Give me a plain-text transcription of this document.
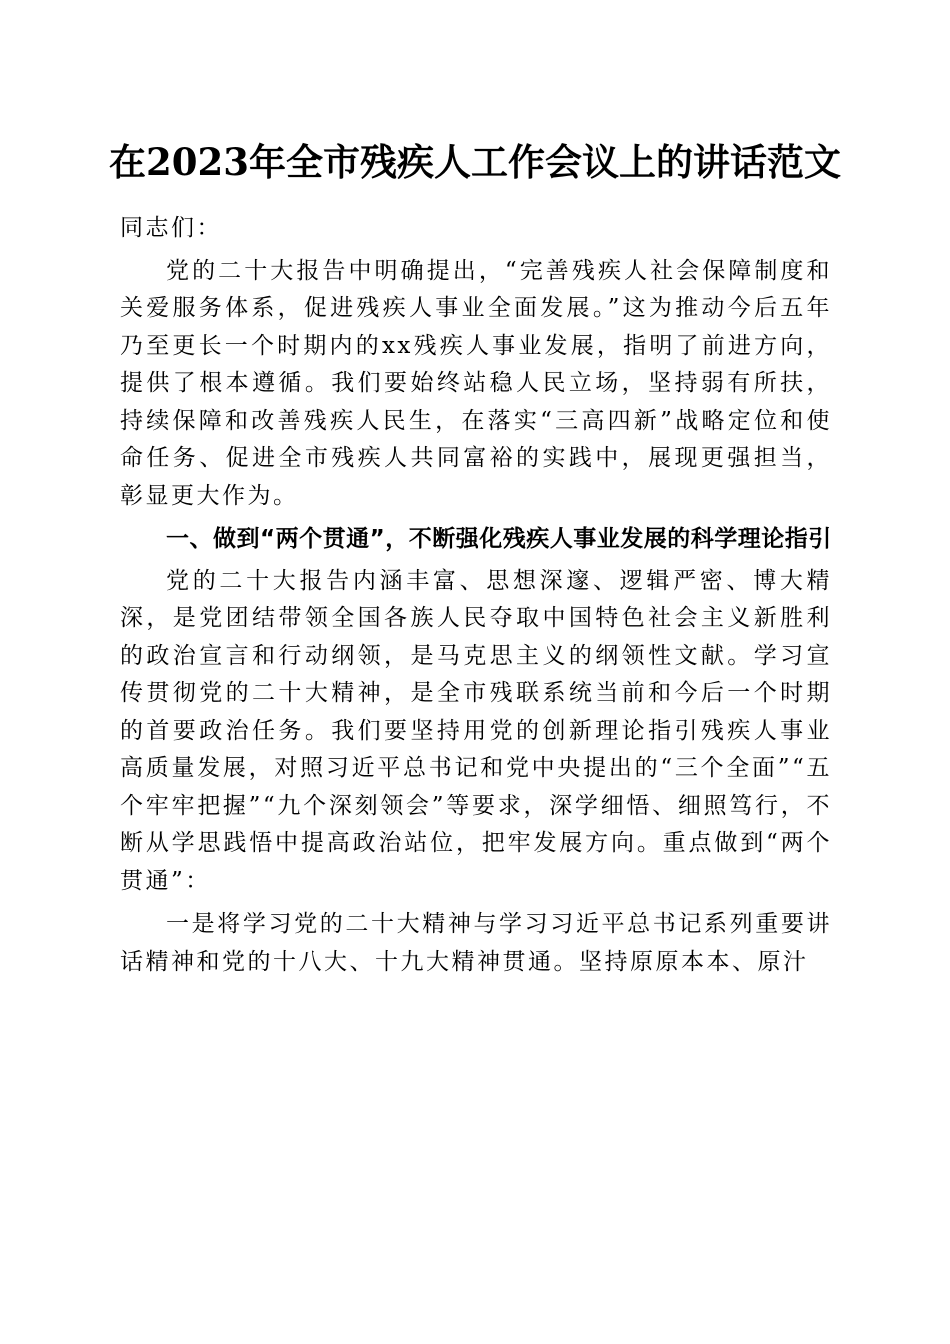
在2023年全市残疾人工作会议上的讲话范文

同志们：

党的二十大报告中明确提出，“完善残疾人社会保障制度和关爱服务体系，促进残疾人事业全面发展。”这为推动今后五年乃至更长一个时期内的xx残疾人事业发展，指明了前进方向，提供了根本遵循。我们要始终站稳人民立场，坚持弱有所扶，持续保障和改善残疾人民生，在落实“三高四新”战略定位和使命任务、促进全市残疾人共同富裕的实践中，展现更强担当，彰显更大作为。

一、做到“两个贯通”，不断强化残疾人事业发展的科学理论指引

党的二十大报告内涵丰富、思想深邃、逻辑严密、博大精深，是党团结带领全国各族人民夺取中国特色社会主义新胜利的政治宣言和行动纲领，是马克思主义的纲领性文献。学习宣传贯彻党的二十大精神，是全市残联系统当前和今后一个时期的首要政治任务。我们要坚持用党的创新理论指引残疾人事业高质量发展，对照习近平总书记和党中央提出的“三个全面”“五个牢牢把握”“九个深刻领会”等要求，深学细悟、细照笃行，不断从学思践悟中提高政治站位，把牢发展方向。重点做到“两个贯通”：

一是将学习党的二十大精神与学习习近平总书记系列重要讲话精神和党的十八大、十九大精神贯通。坚持原原本本、原汁
